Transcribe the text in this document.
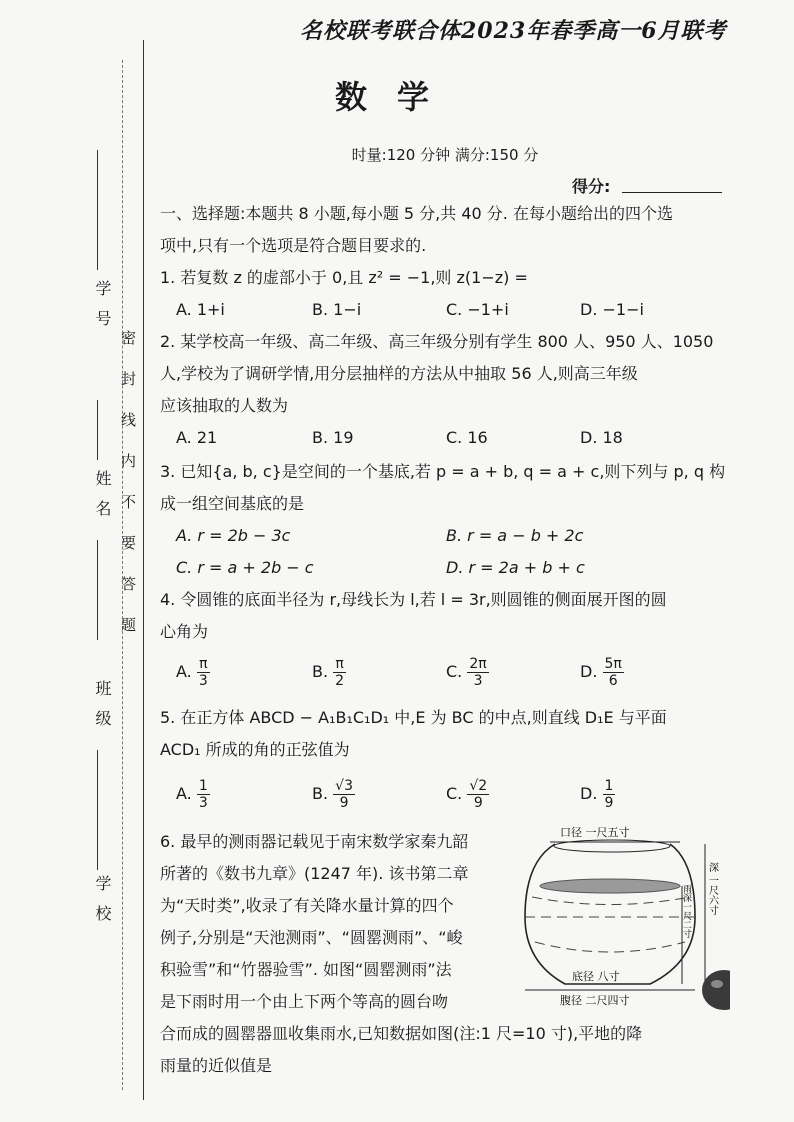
学号
姓名
班级
学校
密封线内不要答题
名校联考联合体2023年春季高一6月联考
数学
时量:120 分钟 满分:150 分
得分:
一、选择题:本题共 8 小题,每小题 5 分,共 40 分. 在每小题给出的四个选
项中,只有一个选项是符合题目要求的.
1. 若复数 z 的虚部小于 0,且 z² = −1,则 z(1−z) =
A. 1+i	B. 1−i	C. −1+i	D. −1−i
2. 某学校高一年级、高二年级、高三年级分别有学生 800 人、950 人、1050
人,学校为了调研学情,用分层抽样的方法从中抽取 56 人,则高三年级
应该抽取的人数为
A. 21	B. 19	C. 16	D. 18
3. 已知{a, b, c}是空间的一个基底,若 p = a + b, q = a + c,则下列与 p, q 构
成一组空间基底的是
A. r = 2b − 3c	B. r = a − b + 2c
C. r = a + 2b − c	D. r = 2a + b + c
4. 令圆锥的底面半径为 r,母线长为 l,若 l = 3r,则圆锥的侧面展开图的圆
心角为
A. $\frac{\pi}{3}$	B. $\frac{\pi}{2}$	C. $\frac{2\pi}{3}$	D. $\frac{5\pi}{6}$
5. 在正方体 ABCD − A₁B₁C₁D₁ 中,E 为 BC 的中点,则直线 D₁E 与平面
ACD₁ 所成的角的正弦值为
A. $\frac{1}{3}$	B. $\frac{√3}{9}$	C. $\frac{√2}{9}$	D. $\frac{1}{9}$
6. 最早的测雨器记载见于南宋数学家秦九韶
所著的《数书九章》(1247 年). 该书第二章
为“天时类”,收录了有关降水量计算的四个
例子,分别是“天池测雨”、“圆罂测雨”、“峻
积验雪”和“竹器验雪”. 如图“圆罂测雨”法
是下雨时用一个由上下两个等高的圆台吻
合而成的圆罂器皿收集雨水,已知数据如图(注:1 尺=10 寸),平地的降
雨量的近似值是
口径 一尺五寸
深 一尺六寸
雨深一尺二寸
底径 八寸
腹径 二尺四寸
